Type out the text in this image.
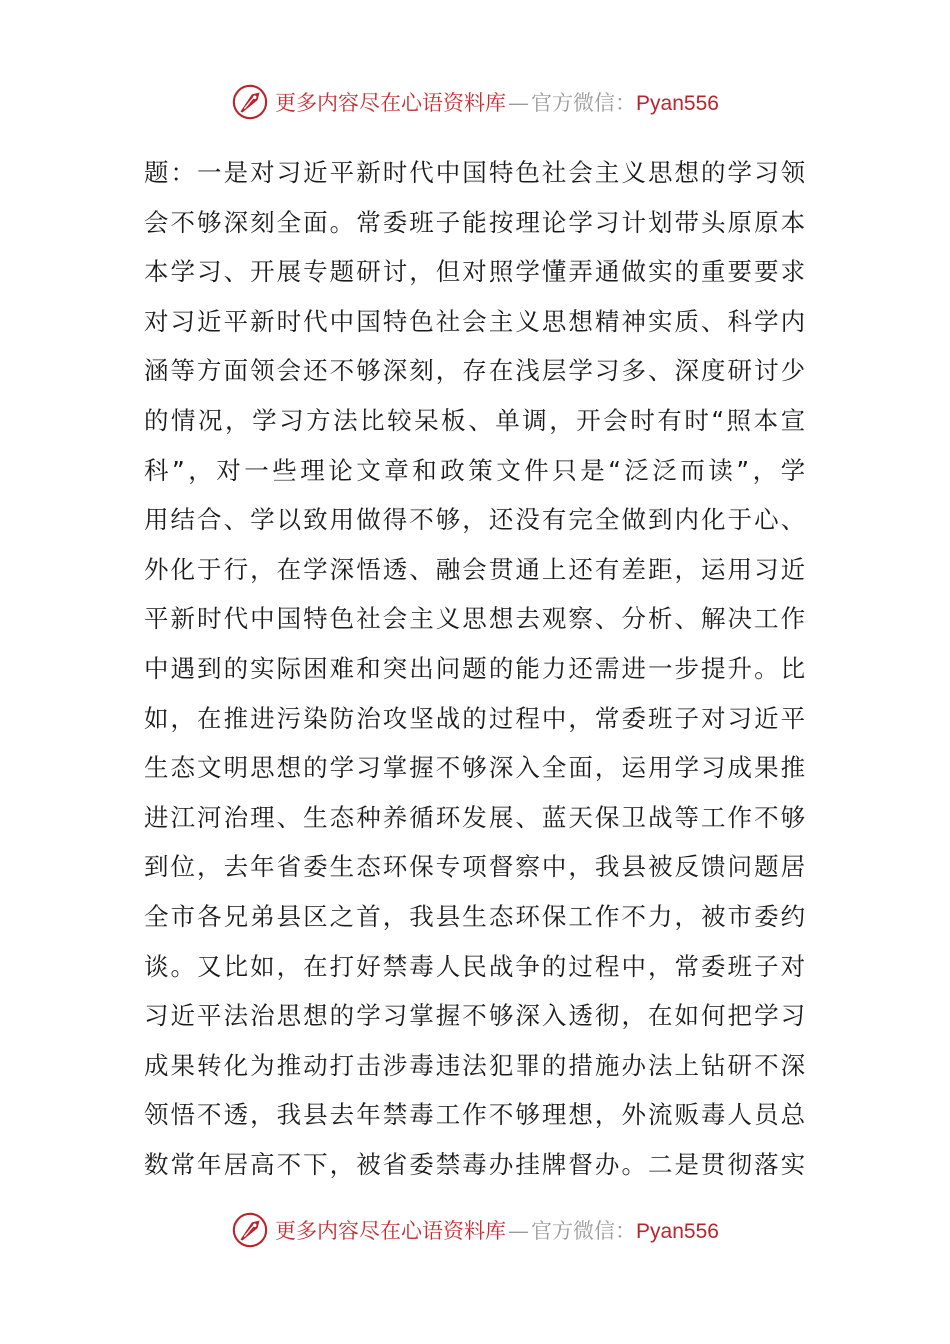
更多内容尽在心语资料库—官方微信：Pyan556
题：一是对习近平新时代中国特色社会主义思想的学习领
会不够深刻全面。常委班子能按理论学习计划带头原原本
本学习、开展专题研讨，但对照学懂弄通做实的重要要求
对习近平新时代中国特色社会主义思想精神实质、科学内
涵等方面领会还不够深刻，存在浅层学习多、深度研讨少
的情况，学习方法比较呆板、单调，开会时有时“照本宣
科”，对一些理论文章和政策文件只是“泛泛而读”，学
用结合、学以致用做得不够，还没有完全做到内化于心、
外化于行，在学深悟透、融会贯通上还有差距，运用习近
平新时代中国特色社会主义思想去观察、分析、解决工作
中遇到的实际困难和突出问题的能力还需进一步提升。比
如，在推进污染防治攻坚战的过程中，常委班子对习近平
生态文明思想的学习掌握不够深入全面，运用学习成果推
进江河治理、生态种养循环发展、蓝天保卫战等工作不够
到位，去年省委生态环保专项督察中，我县被反馈问题居
全市各兄弟县区之首，我县生态环保工作不力，被市委约
谈。又比如，在打好禁毒人民战争的过程中，常委班子对
习近平法治思想的学习掌握不够深入透彻，在如何把学习
成果转化为推动打击涉毒违法犯罪的措施办法上钻研不深
领悟不透，我县去年禁毒工作不够理想，外流贩毒人员总
数常年居高不下，被省委禁毒办挂牌督办。二是贯彻落实
更多内容尽在心语资料库—官方微信：Pyan556
